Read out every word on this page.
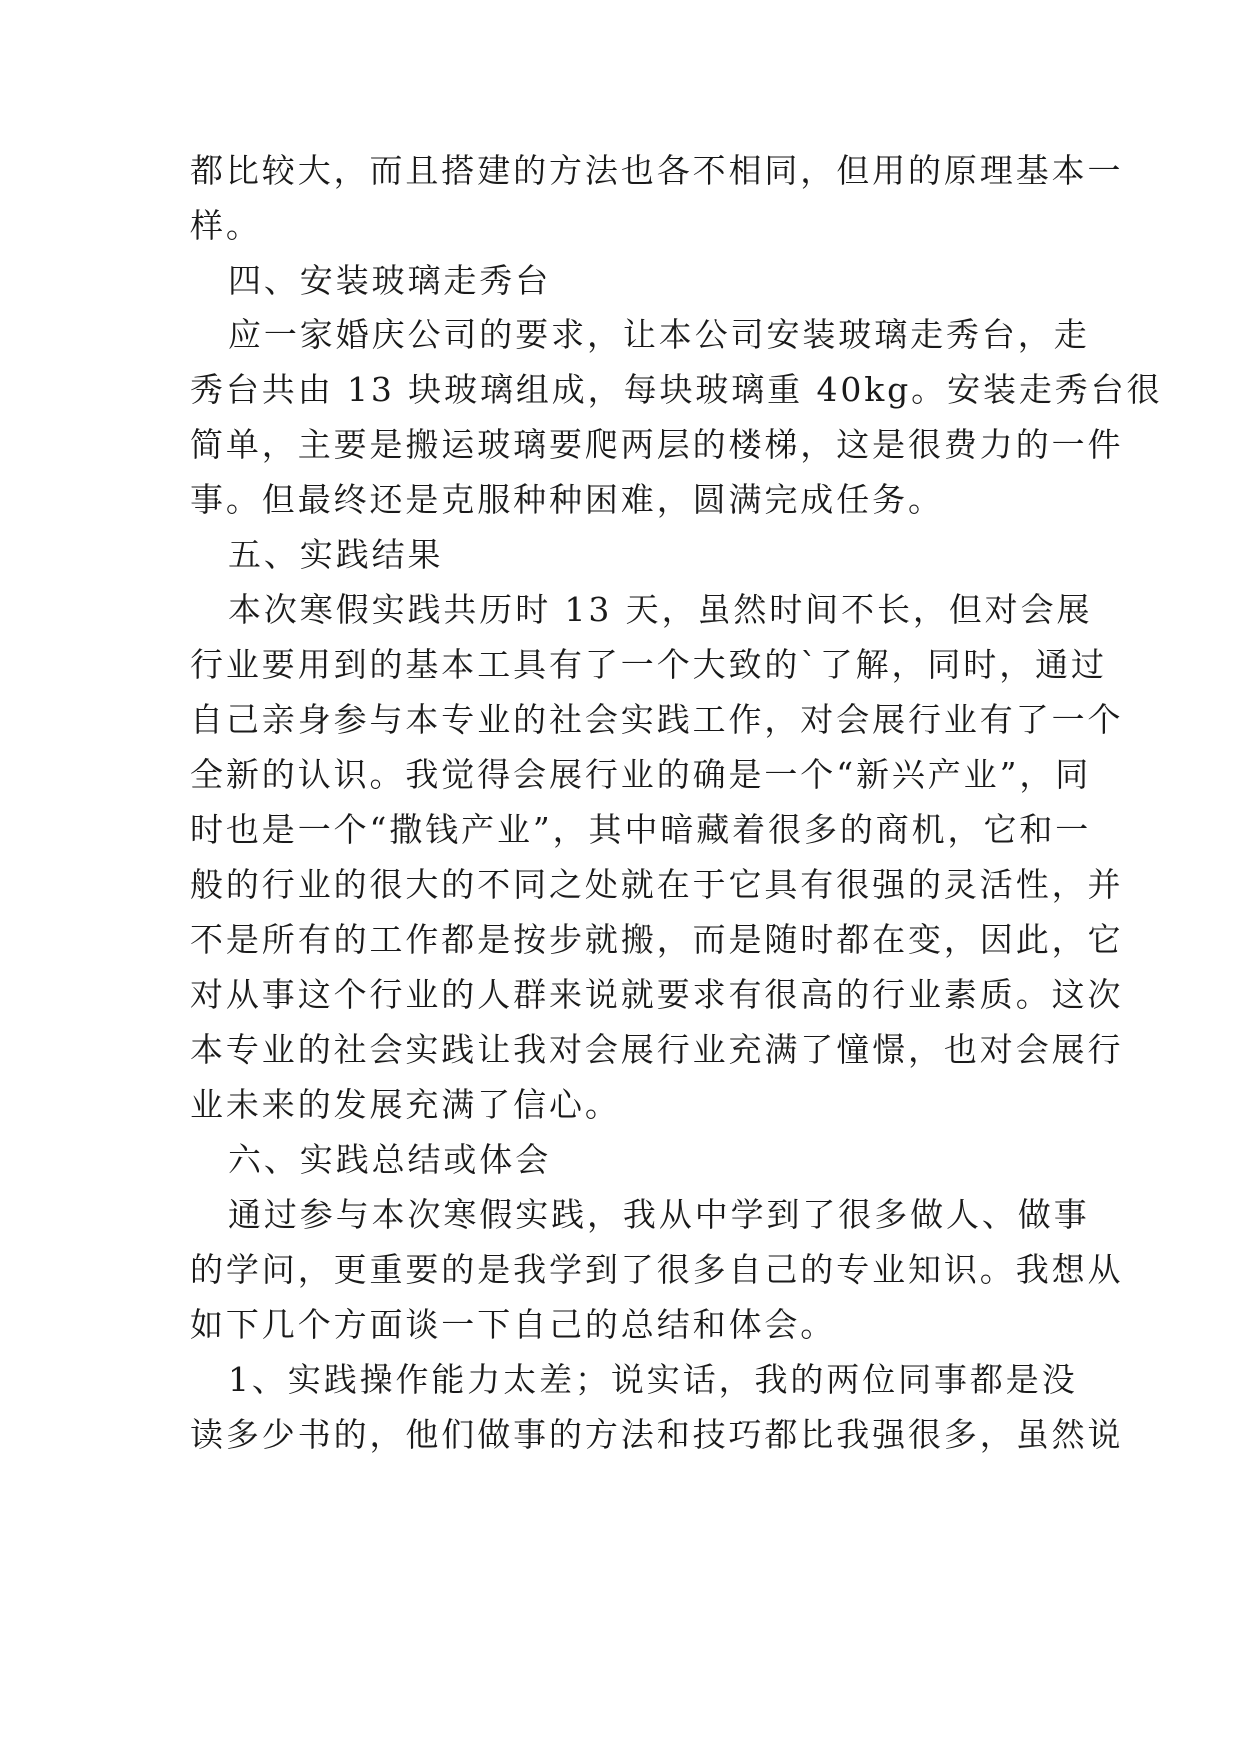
都比较大，而且搭建的方法也各不相同，但用的原理基本一
样。
四、安装玻璃走秀台
应一家婚庆公司的要求，让本公司安装玻璃走秀台，走
秀台共由 13 块玻璃组成，每块玻璃重 40kg。安装走秀台很
简单，主要是搬运玻璃要爬两层的楼梯，这是很费力的一件
事。但最终还是克服种种困难，圆满完成任务。
五、实践结果
本次寒假实践共历时 13 天，虽然时间不长，但对会展
行业要用到的基本工具有了一个大致的`了解，同时，通过
自己亲身参与本专业的社会实践工作，对会展行业有了一个
全新的认识。我觉得会展行业的确是一个“新兴产业”，同
时也是一个“撒钱产业”，其中暗藏着很多的商机，它和一
般的行业的很大的不同之处就在于它具有很强的灵活性，并
不是所有的工作都是按步就搬，而是随时都在变，因此，它
对从事这个行业的人群来说就要求有很高的行业素质。这次
本专业的社会实践让我对会展行业充满了憧憬，也对会展行
业未来的发展充满了信心。
六、实践总结或体会
通过参与本次寒假实践，我从中学到了很多做人、做事
的学问，更重要的是我学到了很多自己的专业知识。我想从
如下几个方面谈一下自己的总结和体会。
1、实践操作能力太差；说实话，我的两位同事都是没
读多少书的，他们做事的方法和技巧都比我强很多，虽然说
